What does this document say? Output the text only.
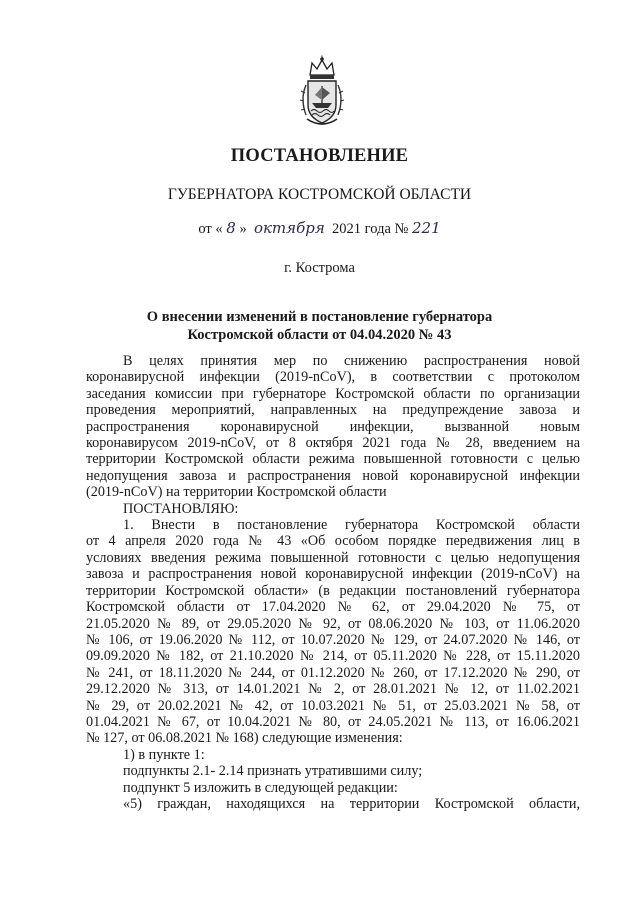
ПОСТАНОВЛЕНИЕ
ГУБЕРНАТОРА КОСТРОМСКОЙ ОБЛАСТИ
от « 8 » октября 2021 года № 221
г. Кострома
О внесении изменений в постановление губернатора
Костромской области от 04.04.2020 № 43

В целях принятия мер по снижению распространения новой

коронавирусной инфекции (2019-nCoV), в соответствии с протоколом

заседания комиссии при губернаторе Костромской области по организации

проведения мероприятий, направленных на предупреждение завоза и

распространения коронавирусной инфекции, вызванной новым

коронавирусом 2019-nCoV, от 8 октября 2021 года № 28, введением на

территории Костромской области режима повышенной готовности с целью

недопущения завоза и распространения новой коронавирусной инфекции

(2019-nCoV) на территории Костромской области

ПОСТАНОВЛЯЮ:

1. Внести в постановление губернатора Костромской области

от 4 апреля 2020 года № 43 «Об особом порядке передвижения лиц в

условиях введения режима повышенной готовности с целью недопущения

завоза и распространения новой коронавирусной инфекции (2019-nCoV) на

территории Костромской области» (в редакции постановлений губернатора

Костромской области от 17.04.2020 № 62, от 29.04.2020 № 75, от

21.05.2020 № 89, от 29.05.2020 № 92, от 08.06.2020 № 103, от 11.06.2020

№ 106, от 19.06.2020 № 112, от 10.07.2020 № 129, от 24.07.2020 № 146, от

09.09.2020 № 182, от 21.10.2020 № 214, от 05.11.2020 № 228, от 15.11.2020

№ 241, от 18.11.2020 № 244, от 01.12.2020 № 260, от 17.12.2020 № 290, от

29.12.2020 № 313, от 14.01.2021 № 2, от 28.01.2021 № 12, от 11.02.2021

№ 29, от 20.02.2021 № 42, от 10.03.2021 № 51, от 25.03.2021 № 58, от

01.04.2021 № 67, от 10.04.2021 № 80, от 24.05.2021 № 113, от 16.06.2021

№ 127, от 06.08.2021 № 168) следующие изменения:

1) в пункте 1:

подпункты 2.1- 2.14 признать утратившими силу;

подпункт 5 изложить в следующей редакции:

«5) граждан, находящихся на территории Костромской области,
